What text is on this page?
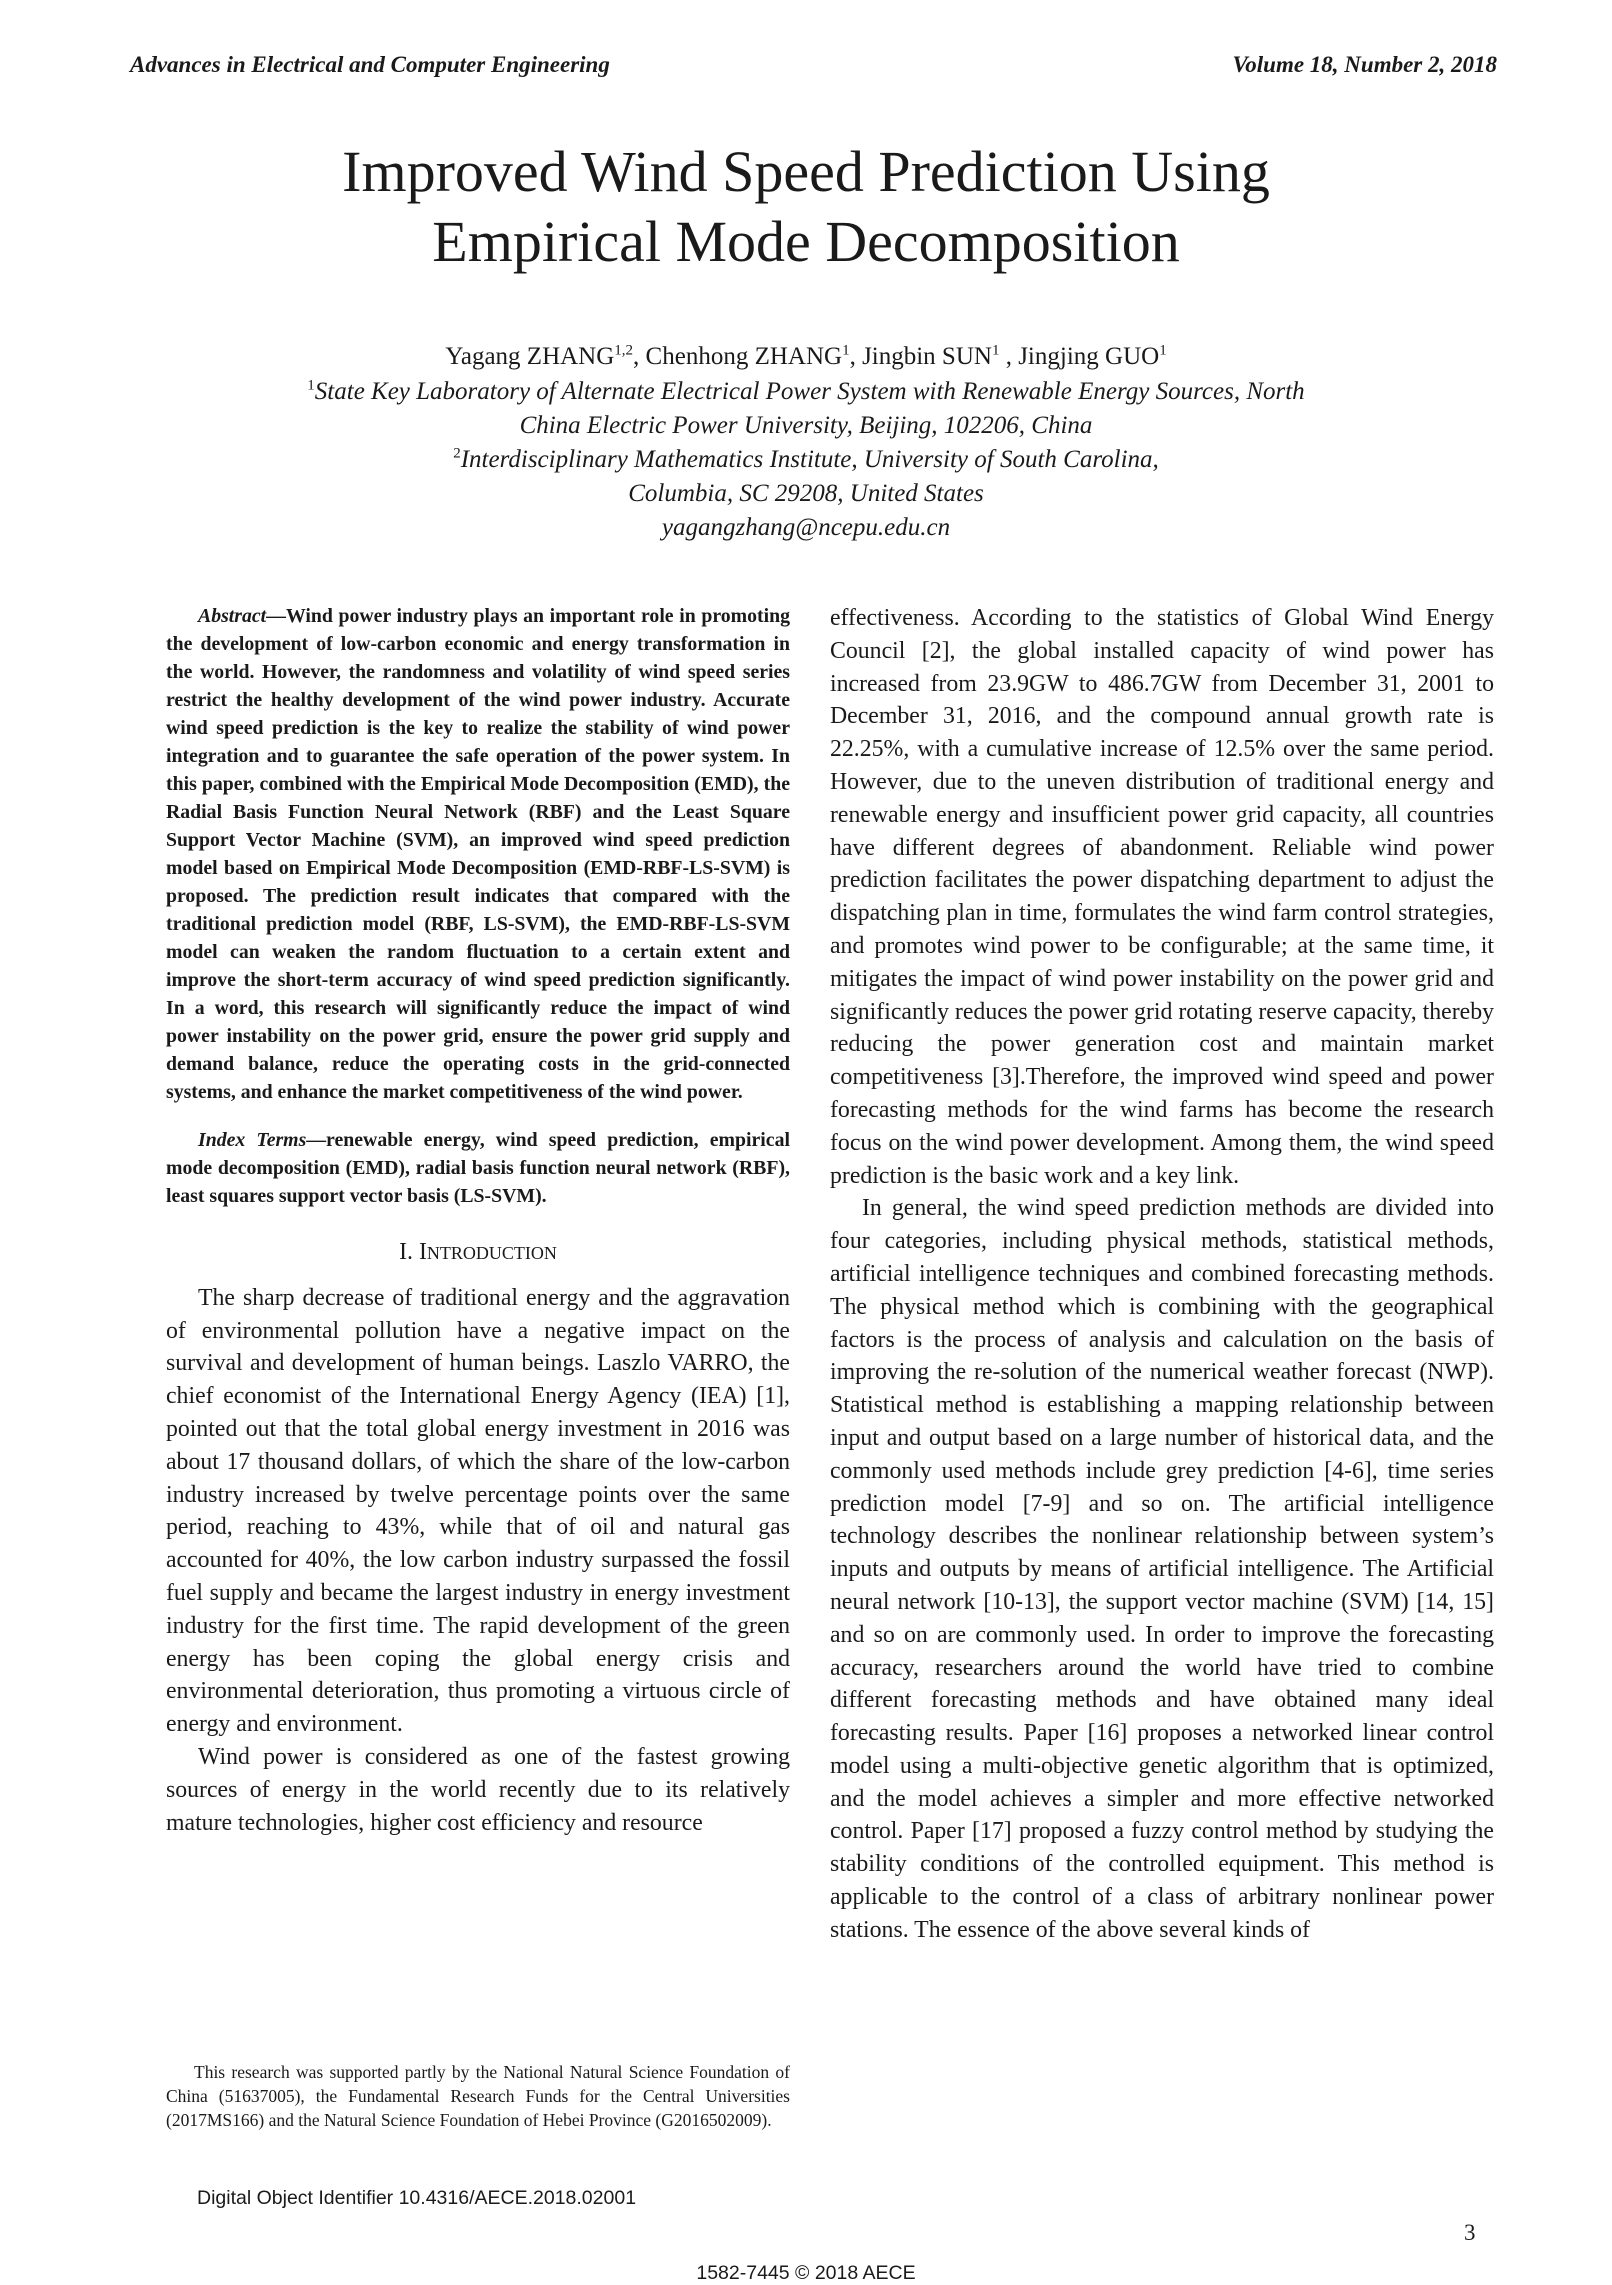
Advances in Electrical and Computer Engineering	Volume 18, Number 2, 2018
Improved Wind Speed Prediction Using
Empirical Mode Decomposition
Yagang ZHANG$^{1,2}$, Chenhong ZHANG$^1$, Jingbin SUN$^1$ , Jingjing GUO$^1$
$^1$State Key Laboratory of Alternate Electrical Power System with Renewable Energy Sources, North
China Electric Power University, Beijing, 102206, China
$^2$Interdisciplinary Mathematics Institute, University of South Carolina,
Columbia, SC 29208, United States
yagangzhang@ncepu.edu.cn

Abstract—Wind power industry plays an important role in promoting the development of low-carbon economic and energy transformation in the world. However, the randomness and volatility of wind speed series restrict the healthy development of the wind power industry. Accurate wind speed prediction is the key to realize the stability of wind power integration and to guarantee the safe operation of the power system. In this paper, combined with the Empirical Mode Decomposition (EMD), the Radial Basis Function Neural Network (RBF) and the Least Square Support Vector Machine (SVM), an improved wind speed prediction model based on Empirical Mode Decomposition (EMD-RBF-LS-SVM) is proposed. The prediction result indicates that compared with the traditional prediction model (RBF, LS-SVM), the EMD-RBF-LS-SVM model can weaken the random fluctuation to a certain extent and improve the short-term accuracy of wind speed prediction significantly. In a word, this research will significantly reduce the impact of wind power instability on the power grid, ensure the power grid supply and demand balance, reduce the operating costs in the grid-connected systems, and enhance the market competitiveness of the wind power.

Index Terms—renewable energy, wind speed prediction, empirical mode decomposition (EMD), radial basis function neural network (RBF), least squares support vector basis (LS-SVM).

I. INTRODUCTION

The sharp decrease of traditional energy and the aggravation of environmental pollution have a negative impact on the survival and development of human beings. Laszlo VARRO, the chief economist of the International Energy Agency (IEA) [1], pointed out that the total global energy investment in 2016 was about 17 thousand dollars, of which the share of the low-carbon industry increased by twelve percentage points over the same period, reaching to 43%, while that of oil and natural gas accounted for 40%, the low carbon industry surpassed the fossil fuel supply and became the largest industry in energy investment industry for the first time. The rapid development of the green energy has been coping the global energy crisis and environmental deterioration, thus promoting a virtuous circle of energy and environment.

Wind power is considered as one of the fastest growing sources of energy in the world recently due to its relatively mature technologies, higher cost efficiency and resource

This research was supported partly by the National Natural Science Foundation of China (51637005), the Fundamental Research Funds for the Central Universities (2017MS166) and the Natural Science Foundation of Hebei Province (G2016502009).

effectiveness. According to the statistics of Global Wind Energy Council [2], the global installed capacity of wind power has increased from 23.9GW to 486.7GW from December 31, 2001 to December 31, 2016, and the compound annual growth rate is 22.25%, with a cumulative increase of 12.5% over the same period. However, due to the uneven distribution of traditional energy and renewable energy and insufficient power grid capacity, all countries have different degrees of abandonment. Reliable wind power prediction facilitates the power dispatching department to adjust the dispatching plan in time, formulates the wind farm control strategies, and promotes wind power to be configurable; at the same time, it mitigates the impact of wind power instability on the power grid and significantly reduces the power grid rotating reserve capacity, thereby reducing the power generation cost and maintain market competitiveness [3].Therefore, the improved wind speed and power forecasting methods for the wind farms has become the research focus on the wind power development. Among them, the wind speed prediction is the basic work and a key link.

In general, the wind speed prediction methods are divided into four categories, including physical methods, statistical methods, artificial intelligence techniques and combined forecasting methods. The physical method which is combining with the geographical factors is the process of analysis and calculation on the basis of improving the re-solution of the numerical weather forecast (NWP). Statistical method is establishing a mapping relationship between input and output based on a large number of historical data, and the commonly used methods include grey prediction [4-6], time series prediction model [7-9] and so on. The artificial intelligence technology describes the nonlinear relationship between system’s inputs and outputs by means of artificial intelligence. The Artificial neural network [10-13], the support vector machine (SVM) [14, 15] and so on are commonly used. In order to improve the forecasting accuracy, researchers around the world have tried to combine different forecasting methods and have obtained many ideal forecasting results. Paper [16] proposes a networked linear control model using a multi-objective genetic algorithm that is optimized, and the model achieves a simpler and more effective networked control. Paper [17] proposed a fuzzy control method by studying the stability conditions of the controlled equipment. This method is applicable to the control of a class of arbitrary nonlinear power stations. The essence of the above several kinds of

Digital Object Identifier 10.4316/AECE.2018.02001
3
1582-7445 © 2018 AECE
